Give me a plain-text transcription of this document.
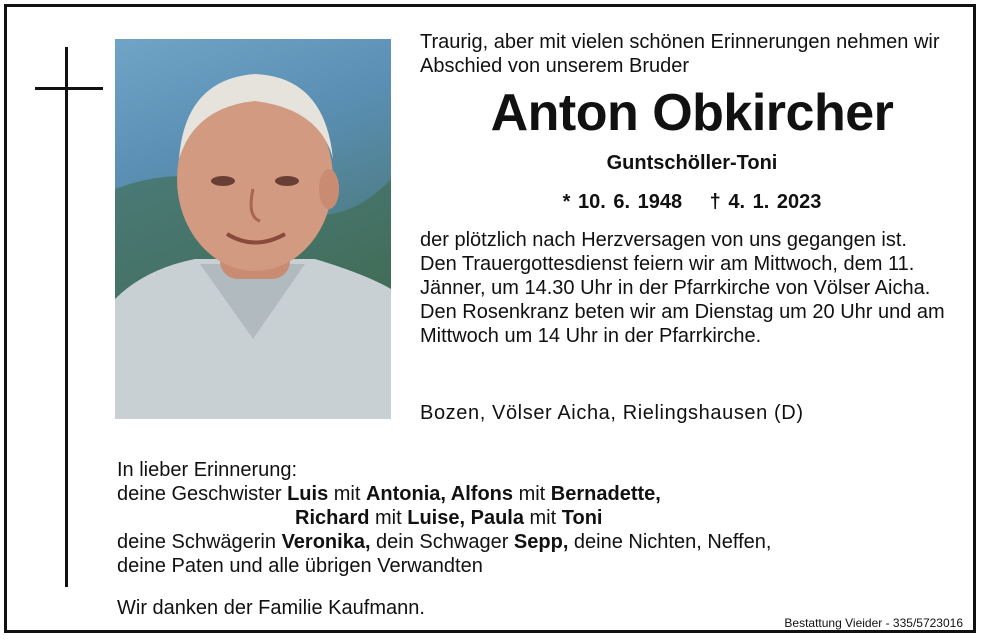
Traurig, aber mit vielen schönen Erinnerungen nehmen wir Abschied von unserem Bruder
Anton Obkircher
Guntschöller-Toni
* 10. 6. 1948 † 4. 1. 2023

der plötzlich nach Herzversagen von uns gegangen ist.

Den Trauergottesdienst feiern wir am Mittwoch, dem 11. Jänner, um 14.30 Uhr in der Pfarrkirche von Völser Aicha.

Den Rosenkranz beten wir am Dienstag um 20 Uhr und am Mittwoch um 14 Uhr in der Pfarrkirche.

Bozen, Völser Aicha, Rielingshausen (D)

In lieber Erinnerung:

deine Geschwister Luis mit Antonia, Alfons mit Bernadette,

Richard mit Luise, Paula mit Toni

deine Schwägerin Veronika, dein Schwager Sepp, deine Nichten, Neffen,

deine Paten und alle übrigen Verwandten

Wir danken der Familie Kaufmann.
Bestattung Vieider - 335/5723016
